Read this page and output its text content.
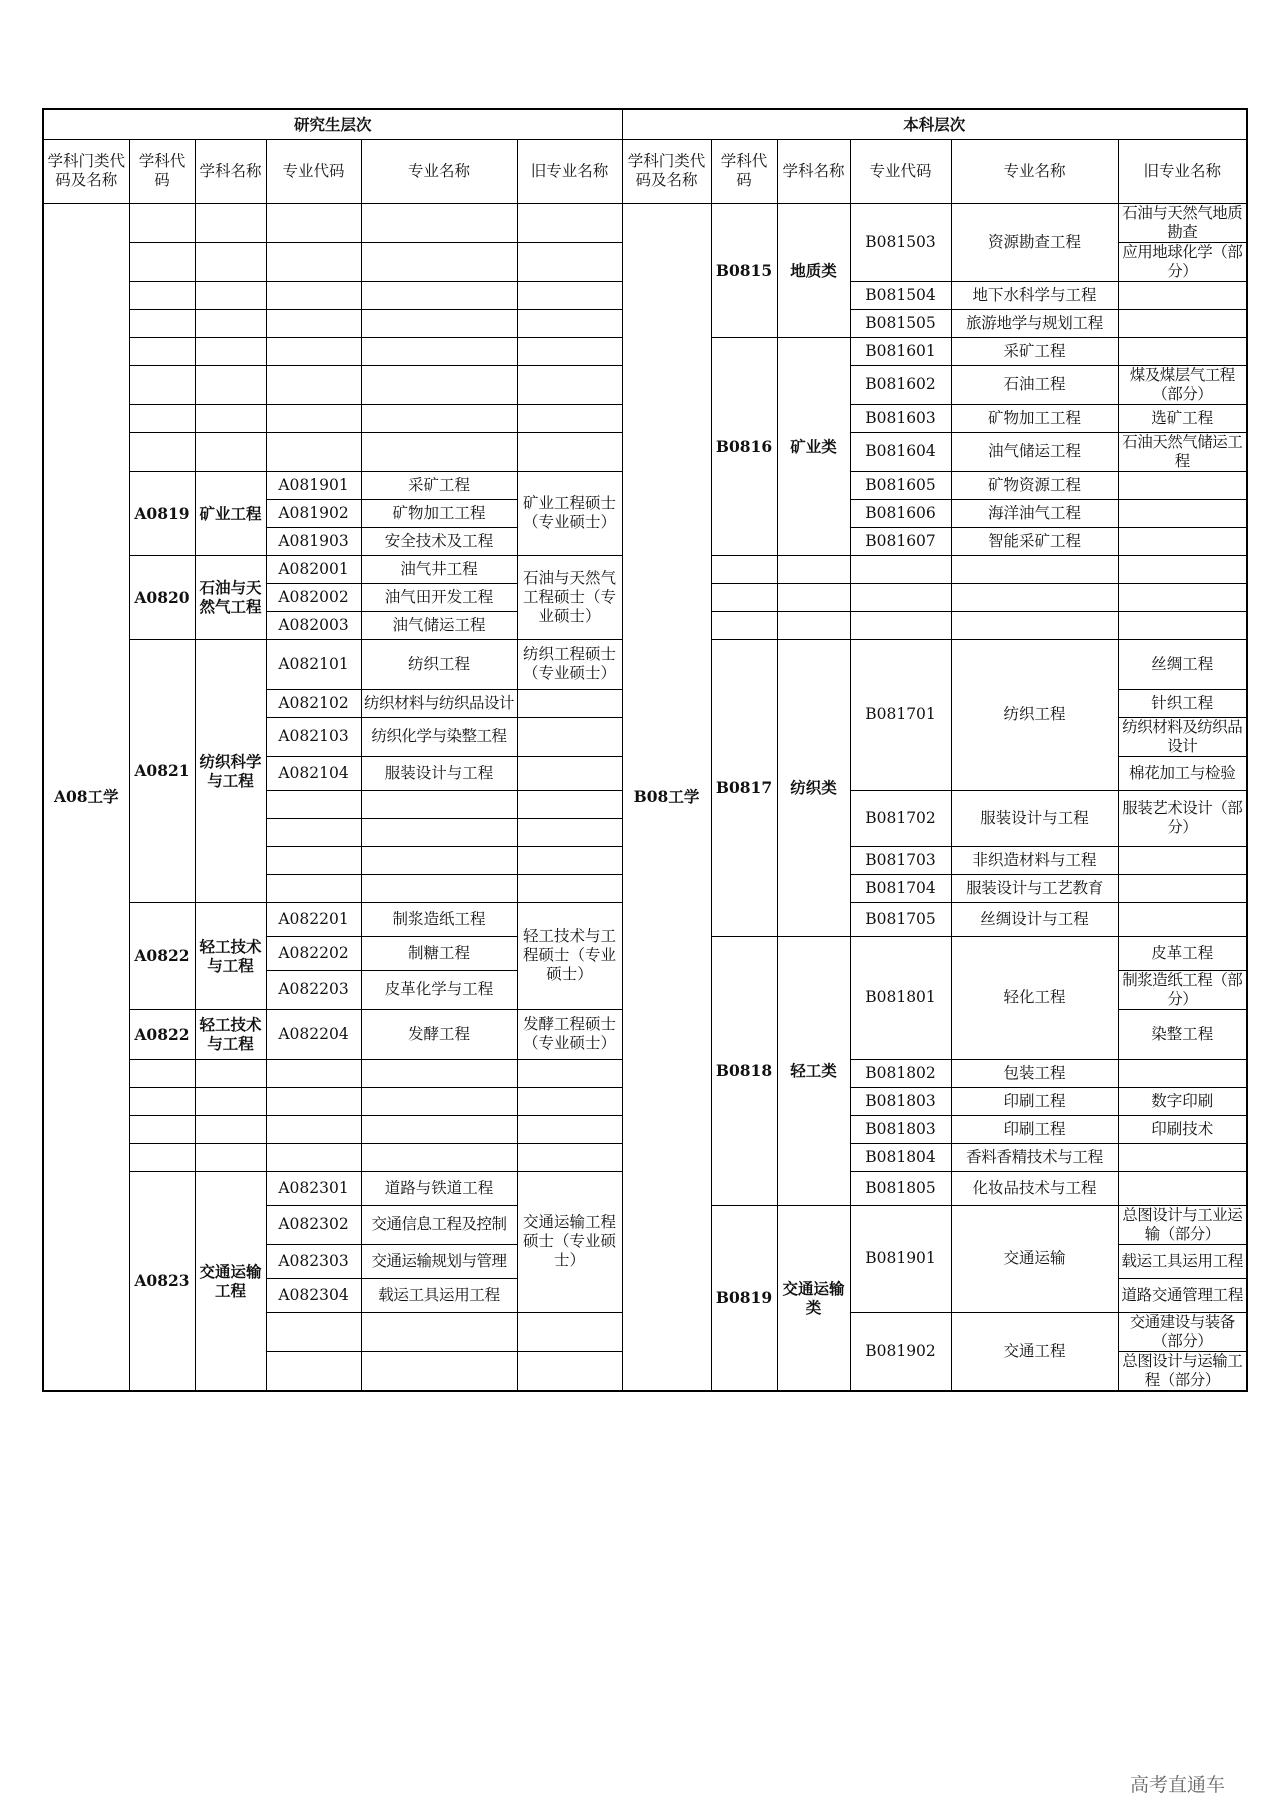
研究生层次						本科层次					
学科门类代码及名称	学科代码	学科名称	专业代码	专业名称	旧专业名称	学科门类代码及名称	学科代码	学科名称	专业代码	专业名称	旧专业名称
A08工学						B08工学	B0815	地质类	B081503	资源勘查工程	石油与天然气地质勘查
											应用地球化学（部分）
									B081504	地下水科学与工程	
									B081505	旅游地学与规划工程	
							B0816	矿业类	B081601	采矿工程	
									B081602	石油工程	煤及煤层气工程（部分）
									B081603	矿物加工工程	选矿工程
									B081604	油气储运工程	石油天然气储运工程
	A0819	矿业工程	A081901	采矿工程	矿业工程硕士（专业硕士）				B081605	矿物资源工程	
			A081902	矿物加工工程					B081606	海洋油气工程	
			A081903	安全技术及工程					B081607	智能采矿工程	
	A0820	石油与天然气工程	A082001	油气井工程	石油与天然气工程硕士（专业硕士）						
			A082002	油气田开发工程							
			A082003	油气储运工程							
	A0821	纺织科学与工程	A082101	纺织工程	纺织工程硕士（专业硕士）		B0817	纺织类	B081701	纺织工程	丝绸工程
			A082102	纺织材料与纺织品设计							针织工程
			A082103	纺织化学与染整工程							纺织材料及纺织品设计
			A082104	服装设计与工程							棉花加工与检验
									B081702	服装设计与工程	服装艺术设计（部分）

									B081703	非织造材料与工程	
									B081704	服装设计与工艺教育	
	A0822	轻工技术与工程	A082201	制浆造纸工程	轻工技术与工程硕士（专业硕士）				B081705	丝绸设计与工程	
			A082202	制糖工程			B0818	轻工类	B081801	轻化工程	皮革工程
			A082203	皮革化学与工程							制浆造纸工程（部分）
	A0822	轻工技术与工程	A082204	发酵工程	发酵工程硕士（专业硕士）						染整工程
									B081802	包装工程	
									B081803	印刷工程	数字印刷
									B081803	印刷工程	印刷技术
									B081804	香料香精技术与工程	
	A0823	交通运输工程	A082301	道路与铁道工程	交通运输工程硕士（专业硕士）				B081805	化妆品技术与工程	
			A082302	交通信息工程及控制			B0819	交通运输类	B081901	交通运输	总图设计与工业运输（部分）
			A082303	交通运输规划与管理							载运工具运用工程
			A082304	载运工具运用工程							道路交通管理工程
									B081902	交通工程	交通建设与装备（部分）
											总图设计与运输工程（部分）
高考直通车
